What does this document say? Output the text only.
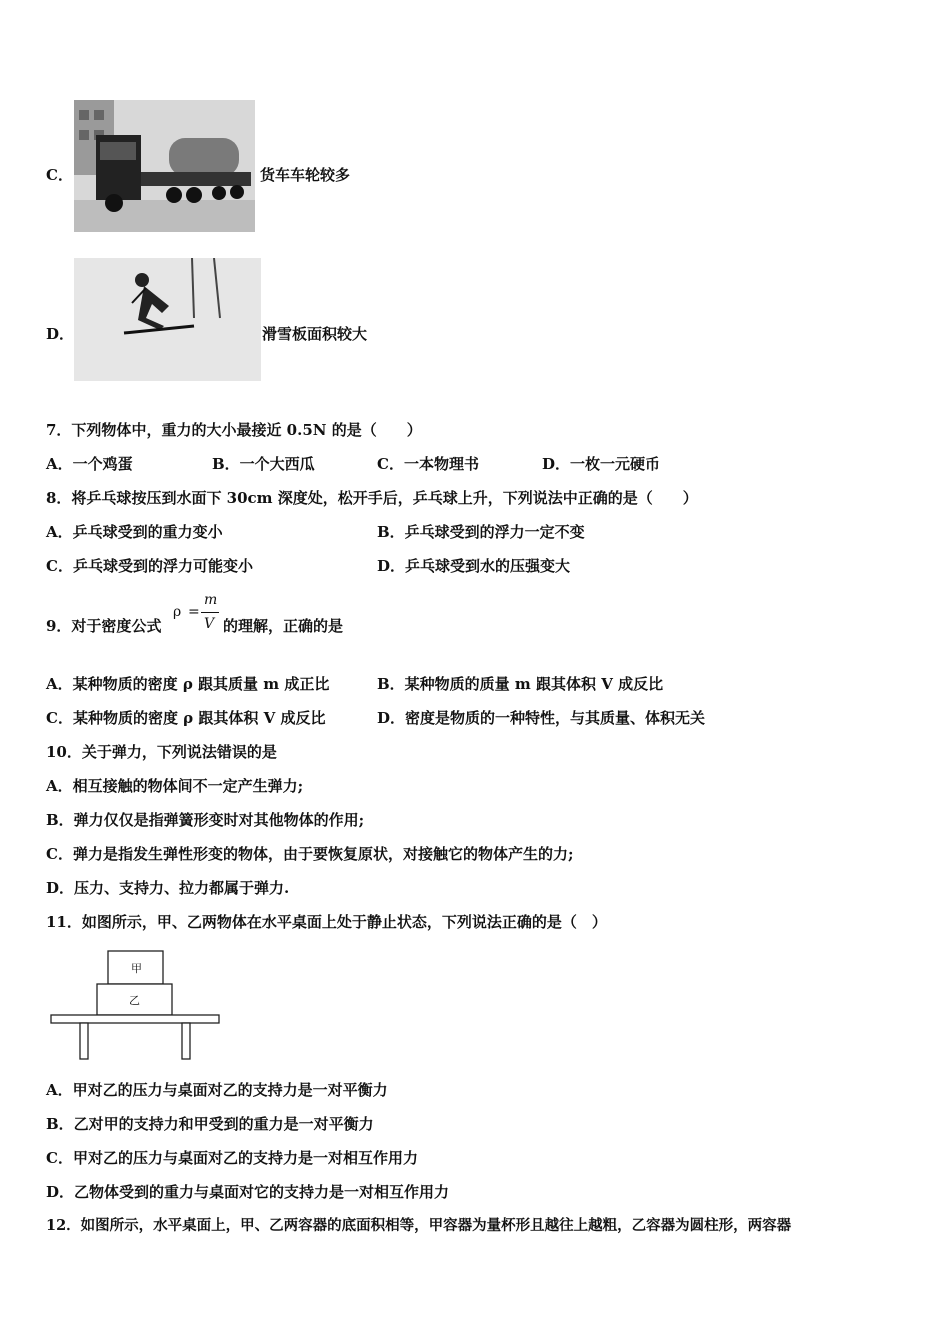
C．	货车车轮较多
D．	滑雪板面积较大
7．下列物体中，重力的大小最接近 0.5N 的是（　　）
A．一个鸡蛋	B．一个大西瓜	C．一本物理书	D．一枚一元硬币
8．将乒乓球按压到水面下 30cm 深度处，松开手后，乒乓球上升，下列说法中正确的是（　　）
A．乒乓球受到的重力变小	B．乒乓球受到的浮力一定不变
C．乒乓球受到的浮力可能变小	D．乒乓球受到水的压强变大
9．对于密度公式
ρ =
m
V 的理解，正确的是
A．某种物质的密度 ρ 跟其质量 m 成正比	B．某种物质的质量 m 跟其体积 V 成反比
C．某种物质的密度 ρ 跟其体积 V 成反比	D．密度是物质的一种特性，与其质量、体积无关
10．关于弹力，下列说法错误的是
A．相互接触的物体间不一定产生弹力;
B．弹力仅仅是指弹簧形变时对其他物体的作用;
C．弹力是指发生弹性形变的物体，由于要恢复原状，对接触它的物体产生的力;
D．压力、支持力、拉力都属于弹力.
11．如图所示，甲、乙两物体在水平桌面上处于静止状态，下列说法正确的是（　）
甲
乙
A．甲对乙的压力与桌面对乙的支持力是一对平衡力
B．乙对甲的支持力和甲受到的重力是一对平衡力
C．甲对乙的压力与桌面对乙的支持力是一对相互作用力
D．乙物体受到的重力与桌面对它的支持力是一对相互作用力
12．如图所示，水平桌面上，甲、乙两容器的底面积相等，甲容器为量杯形且越往上越粗，乙容器为圆柱形，两容器
